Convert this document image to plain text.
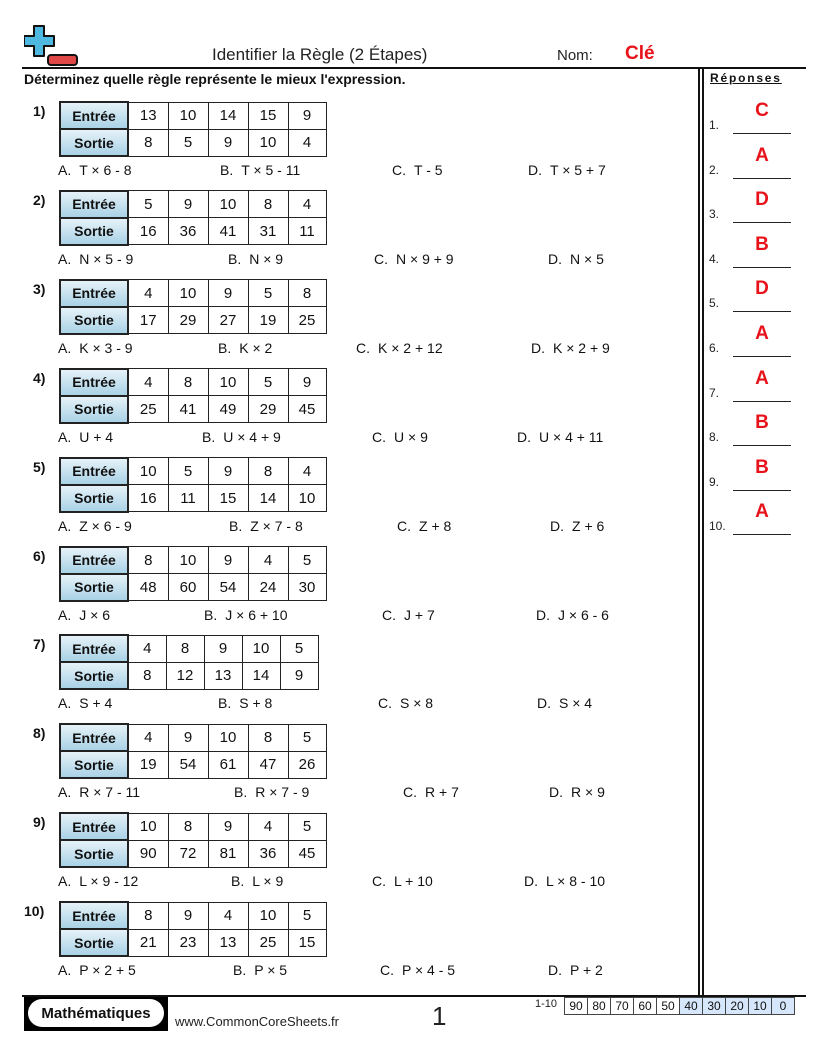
Identifier la Règle (2 Étapes)	Nom: Clé
Déterminez quelle règle représente le mieux l'expression.	Réponses
1.
C
2.
A
3.
D
4.
B
5.
D
6.
A
7.
A
8.
B
9.
B
10.
A
1) Entrée	13	10	14	15	9
Sortie	8	5	9	10	4
A. T × 6 - 8	B. T × 5 - 11	C. T - 5	D. T × 5 + 7
2) Entrée	5	9	10	8	4
Sortie	16	36	41	31	11
A. N × 5 - 9	B. N × 9	C. N × 9 + 9	D. N × 5
3) Entrée	4	10	9	5	8
Sortie	17	29	27	19	25
A. K × 3 - 9	B. K × 2	C. K × 2 + 12	D. K × 2 + 9
4) Entrée	4	8	10	5	9
Sortie	25	41	49	29	45
A. U + 4	B. U × 4 + 9	C. U × 9	D. U × 4 + 11
5) Entrée	10	5	9	8	4
Sortie	16	11	15	14	10
A. Z × 6 - 9	B. Z × 7 - 8	C. Z + 8	D. Z + 6
6) Entrée	8	10	9	4	5
Sortie	48	60	54	24	30
A. J × 6	B. J × 6 + 10	C. J + 7	D. J × 6 - 6
7) Entrée	4	8	9	10	5
Sortie	8	12	13	14	9
A. S + 4	B. S + 8	C. S × 8	D. S × 4
8) Entrée	4	9	10	8	5
Sortie	19	54	61	47	26
A. R × 7 - 11	B. R × 7 - 9	C. R + 7	D. R × 9
9) Entrée	10	8	9	4	5
Sortie	90	72	81	36	45
A. L × 9 - 12	B. L × 9	C. L + 10	D. L × 8 - 10
10) Entrée	8	9	4	10	5
Sortie	21	23	13	25	15
A. P × 2 + 5	B. P × 5	C. P × 4 - 5	D. P + 2
Mathématiques	www.CommonCoreSheets.fr	1	1-10 90	80	70	60	50	40	30	20	10	0
